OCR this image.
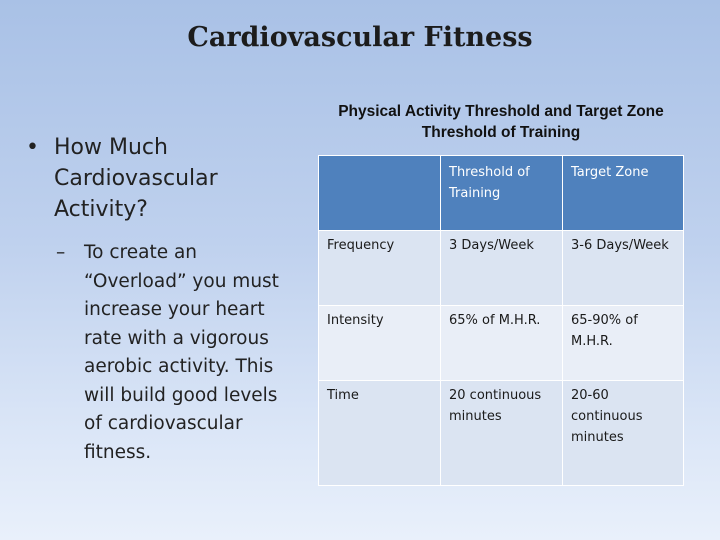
Cardiovascular Fitness
• How Much Cardiovascular Activity?
– To create an “Overload” you must increase your heart rate with a vigorous aerobic activity. This will build good levels of cardiovascular fitness.
Physical Activity Threshold and Target Zone Threshold of Training
	Threshold of Training	Target Zone
Frequency	3 Days/Week	3-6 Days/Week
Intensity	65% of M.H.R.	65-90% of M.H.R.
Time	20 continuous minutes	20-60 continuous minutes
